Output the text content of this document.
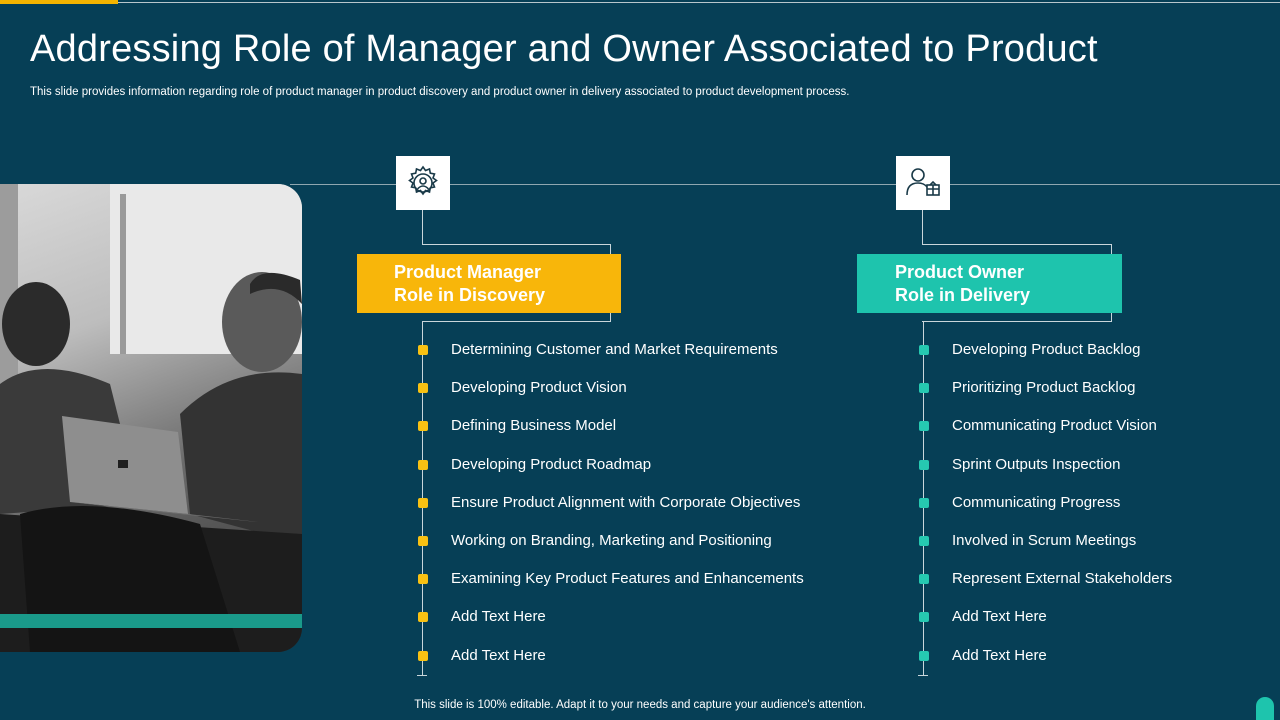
Addressing Role of Manager and Owner Associated to Product

This slide provides information regarding role of product manager in product discovery and product owner in delivery associated to product development process.

Product Manager
Role in Discovery
Determining Customer and Market Requirements
Developing Product Vision
Defining Business Model
Developing Product Roadmap
Ensure Product Alignment with Corporate Objectives
Working on Branding, Marketing and Positioning
Examining Key Product Features and Enhancements
Add Text Here
Add Text Here
Product Owner
Role in Delivery
Developing Product Backlog
Prioritizing Product Backlog
Communicating Product Vision
Sprint Outputs Inspection
Communicating Progress
Involved in Scrum Meetings
Represent External Stakeholders
Add Text Here
Add Text Here

This slide is 100% editable. Adapt it to your needs and capture your audience's attention.
